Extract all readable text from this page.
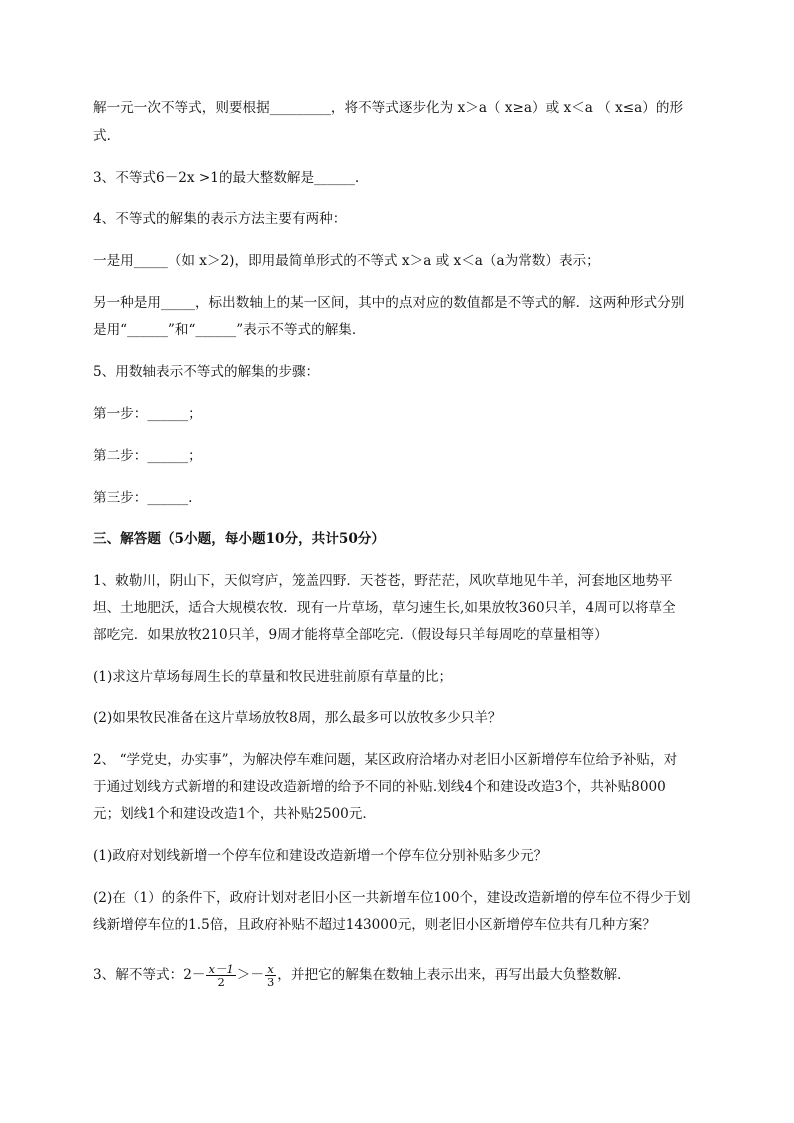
解一元一次不等式，则要根据_________，将不等式逐步化为 x＞a（ x≥a）或 x＜a （ x≤a）的形
式．
3、不等式6－2x >1的最大整数解是______.
4、不等式的解集的表示方法主要有两种：
一是用_____（如 x＞2)，即用最简单形式的不等式 x＞a 或 x＜a（a为常数）表示；
另一种是用_____，标出数轴上的某一区间，其中的点对应的数值都是不等式的解．这两种形式分别
是用“______”和“______”表示不等式的解集．
5、用数轴表示不等式的解集的步骤：
第一步：______；
第二步：______；
第三步：______.
三、解答题（5小题，每小题10分，共计50分）
1、敕勒川，阴山下，天似穹庐，笼盖四野．天苍苍，野茫茫，风吹草地见牛羊，河套地区地势平
坦、土地肥沃，适合大规模农牧．现有一片草场，草匀速生长,如果放牧360只羊，4周可以将草全
部吃完．如果放牧210只羊，9周才能将草全部吃完.（假设每只羊每周吃的草量相等）
(1)求这片草场每周生长的草量和牧民进驻前原有草量的比；
(2)如果牧民准备在这片草场放牧8周，那么最多可以放牧多少只羊？
2、 “学党史，办实事”，为解决停车难问题，某区政府洽堵办对老旧小区新增停车位给予补贴，对
于通过划线方式新增的和建设改造新增的给予不同的补贴.划线4个和建设改造3个，共补贴8000
元；划线1个和建设改造1个，共补贴2500元．
(1)政府对划线新增一个停车位和建设改造新增一个停车位分别补贴多少元？
(2)在（1）的条件下，政府计划对老旧小区一共新增车位100个，建设改造新增的停车位不得少于划
线新增停车位的1.5倍，且政府补贴不超过143000元，则老旧小区新增停车位共有几种方案？
3、解不等式：$2- \frac{x-1}{2} >- \frac{x}{3}$ ，并把它的解集在数轴上表示出来，再写出最大负整数解．
